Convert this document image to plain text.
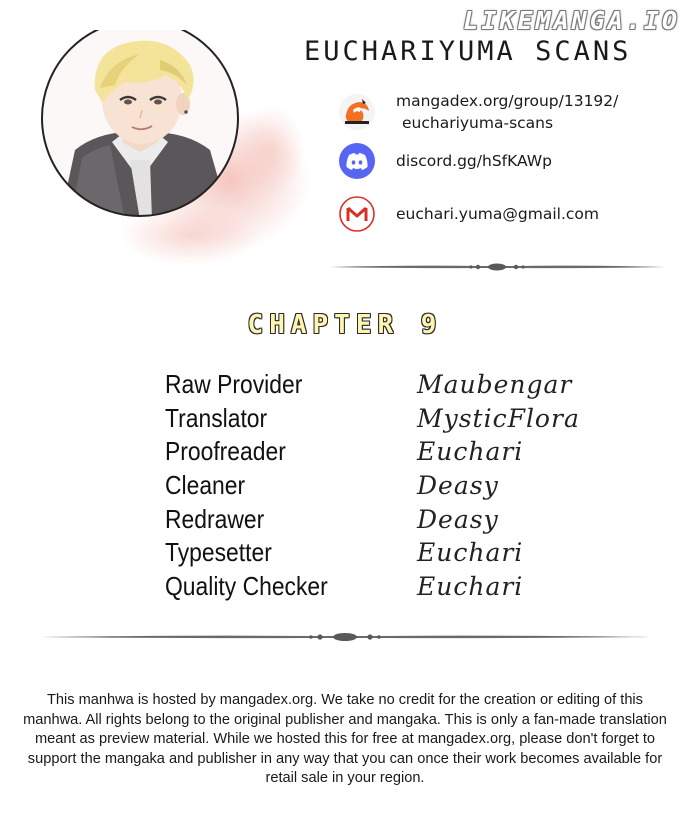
LIKEMANGA.IO
EUCHARIYUMA SCANS
mangadex.org/group/13192/
euchariyuma-scans
discord.gg/hSfKAWp
euchari.yuma@gmail.com
CHAPTER 9
Raw Provider	Maubengar
Translator	MysticFlora
Proofreader	Euchari
Cleaner	Deasy
Redrawer	Deasy
Typesetter	Euchari
Quality Checker	Euchari
This manhwa is hosted by mangadex.org. We take no credit for the creation or editing of this manhwa. All rights belong to the original publisher and mangaka. This is only a fan-made translation meant as preview material. While we hosted this for free at mangadex.org, please don't forget to support the mangaka and publisher in any way that you can once their work becomes available for retail sale in your region.
